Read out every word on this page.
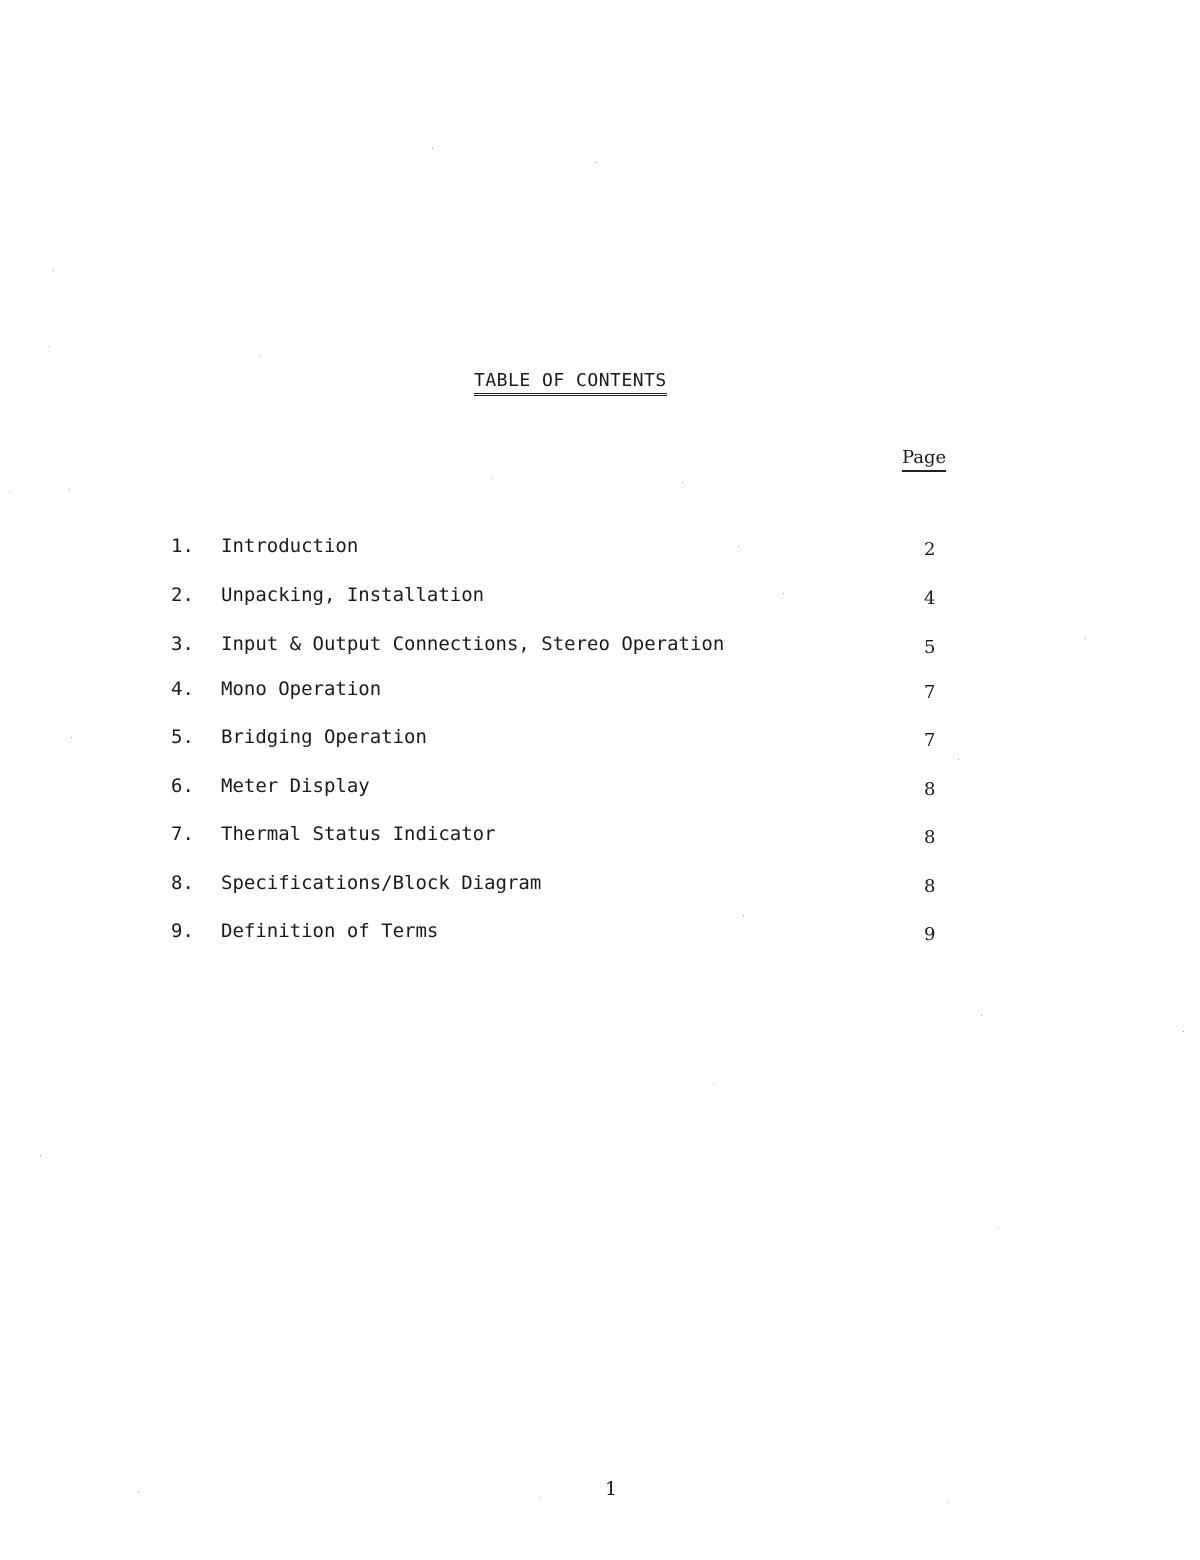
TABLE OF CONTENTS
Page
1. Introduction	2
2. Unpacking, Installation	4
3. Input & Output Connections, Stereo Operation	5
4. Mono Operation	7
5. Bridging Operation	7
6. Meter Display	8
7. Thermal Status Indicator	8
8. Specifications/Block Diagram	8
9. Definition of Terms	9
1
